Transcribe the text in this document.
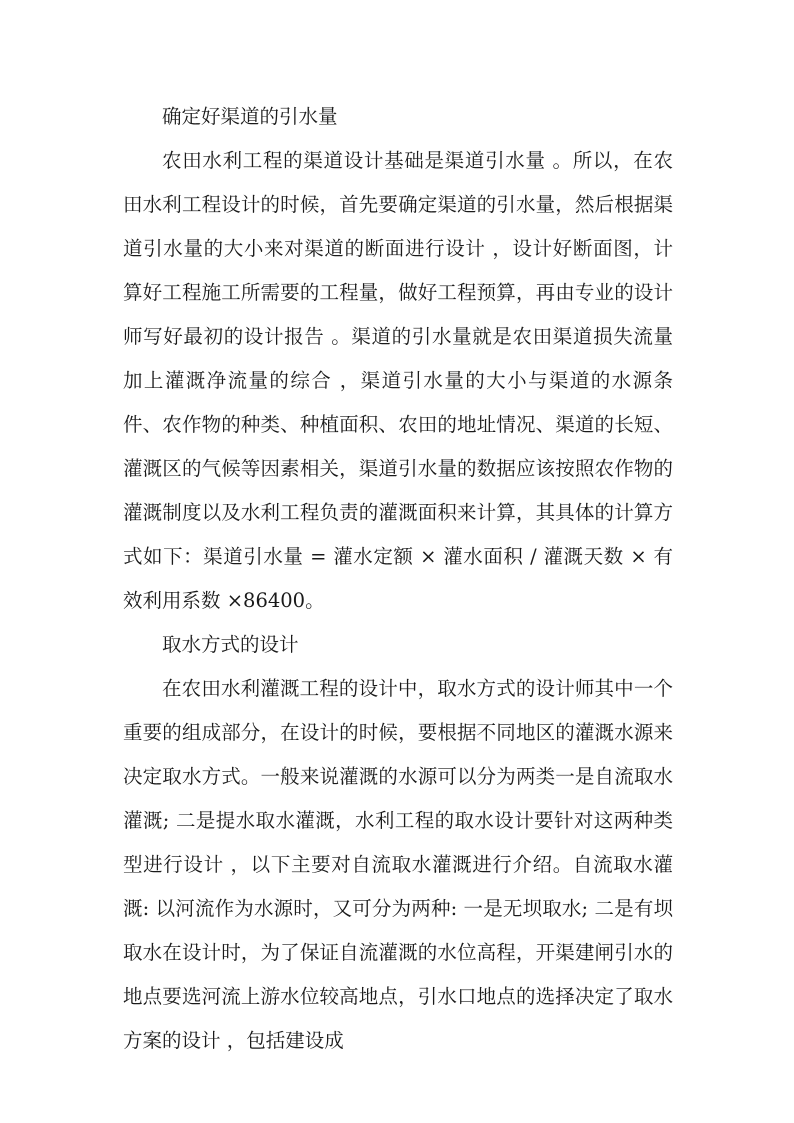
确定好渠道的引水量

农田水利工程的渠道设计基础是渠道引水量 。所以，在农田水利工程设计的时候，首先要确定渠道的引水量，然后根据渠道引水量的大小来对渠道的断面进行设计 ，设计好断面图，计算好工程施工所需要的工程量，做好工程预算，再由专业的设计师写好最初的设计报告 。渠道的引水量就是农田渠道损失流量加上灌溉净流量的综合 ，渠道引水量的大小与渠道的水源条件、农作物的种类、种植面积、农田的地址情况、渠道的长短、灌溉区的气候等因素相关，渠道引水量的数据应该按照农作物的灌溉制度以及水利工程负责的灌溉面积来计算，其具体的计算方式如下：渠道引水量 = 灌水定额 × 灌水面积 / 灌溉天数 × 有效利用系数 ×86400。

取水方式的设计

在农田水利灌溉工程的设计中，取水方式的设计师其中一个重要的组成部分，在设计的时候，要根据不同地区的灌溉水源来决定取水方式。一般来说灌溉的水源可以分为两类一是自流取水灌溉; 二是提水取水灌溉，水利工程的取水设计要针对这两种类型进行设计 ，以下主要对自流取水灌溉进行介绍。自流取水灌溉: 以河流作为水源时，又可分为两种: 一是无坝取水; 二是有坝取水在设计时，为了保证自流灌溉的水位高程，开渠建闸引水的地点要选河流上游水位较高地点，引水口地点的选择决定了取水方案的设计 ，包括建设成
